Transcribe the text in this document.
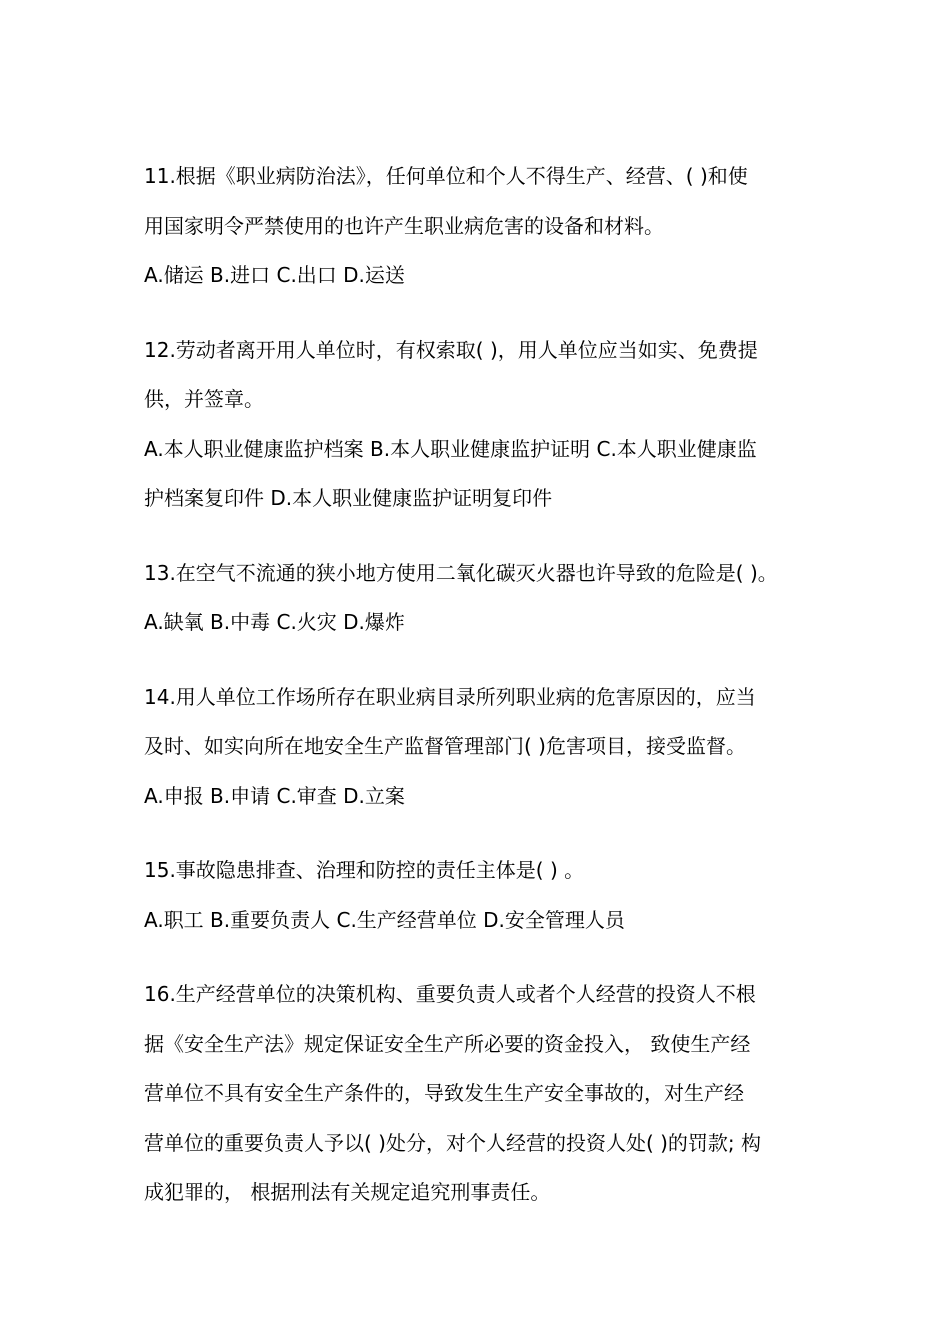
11.根据《职业病防治法》，任何单位和个人不得生产、经营、( )和使
用国家明令严禁使用的也许产生职业病危害的设备和材料。
A.储运 B.进口 C.出口 D.运送
12.劳动者离开用人单位时，有权索取( )，用人单位应当如实、免费提
供，并签章。
A.本人职业健康监护档案 B.本人职业健康监护证明 C.本人职业健康监
护档案复印件 D.本人职业健康监护证明复印件
13.在空气不流通的狭小地方使用二氧化碳灭火器也许导致的危险是( )。
A.缺氧 B.中毒 C.火灾 D.爆炸
14.用人单位工作场所存在职业病目录所列职业病的危害原因的，应当
及时、如实向所在地安全生产监督管理部门( )危害项目，接受监督。
A.申报 B.申请 C.审查 D.立案
15.事故隐患排查、治理和防控的责任主体是( ) 。
A.职工 B.重要负责人 C.生产经营单位 D.安全管理人员
16.生产经营单位的决策机构、重要负责人或者个人经营的投资人不根
据《安全生产法》规定保证安全生产所必要的资金投入， 致使生产经
营单位不具有安全生产条件的，导致发生生产安全事故的，对生产经
营单位的重要负责人予以( )处分，对个人经营的投资人处( )的罚款; 构
成犯罪的， 根据刑法有关规定追究刑事责任。
